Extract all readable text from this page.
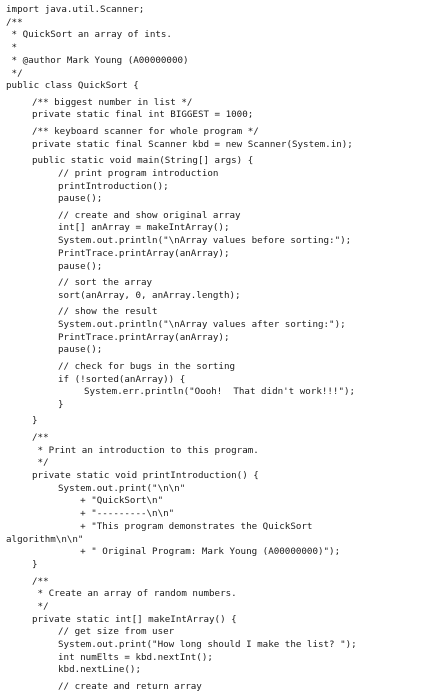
import java.util.Scanner;
/**
* QuickSort an array of ints.
*
* @author Mark Young (A00000000)
*/
public class QuickSort {
/** biggest number in list */
private static final int BIGGEST = 1000;
/** keyboard scanner for whole program */
private static final Scanner kbd = new Scanner(System.in);
public static void main(String[] args) {
// print program introduction
printIntroduction();
pause();
// create and show original array
int[] anArray = makeIntArray();
System.out.println("\nArray values before sorting:");
PrintTrace.printArray(anArray);
pause();
// sort the array
sort(anArray, 0, anArray.length);
// show the result
System.out.println("\nArray values after sorting:");
PrintTrace.printArray(anArray);
pause();
// check for bugs in the sorting
if (!sorted(anArray)) {
System.err.println("Oooh!  That didn't work!!!");
}
}
/**
* Print an introduction to this program.
*/
private static void printIntroduction() {
System.out.print("\n\n"
+ "QuickSort\n"
+ "---------\n\n"
+ "This program demonstrates the QuickSort
algorithm\n\n"
+ " Original Program: Mark Young (A00000000)");
}
/**
* Create an array of random numbers.
*/
private static int[] makeIntArray() {
// get size from user
System.out.print("How long should I make the list? ");
int numElts = kbd.nextInt();
kbd.nextLine();
// create and return array
